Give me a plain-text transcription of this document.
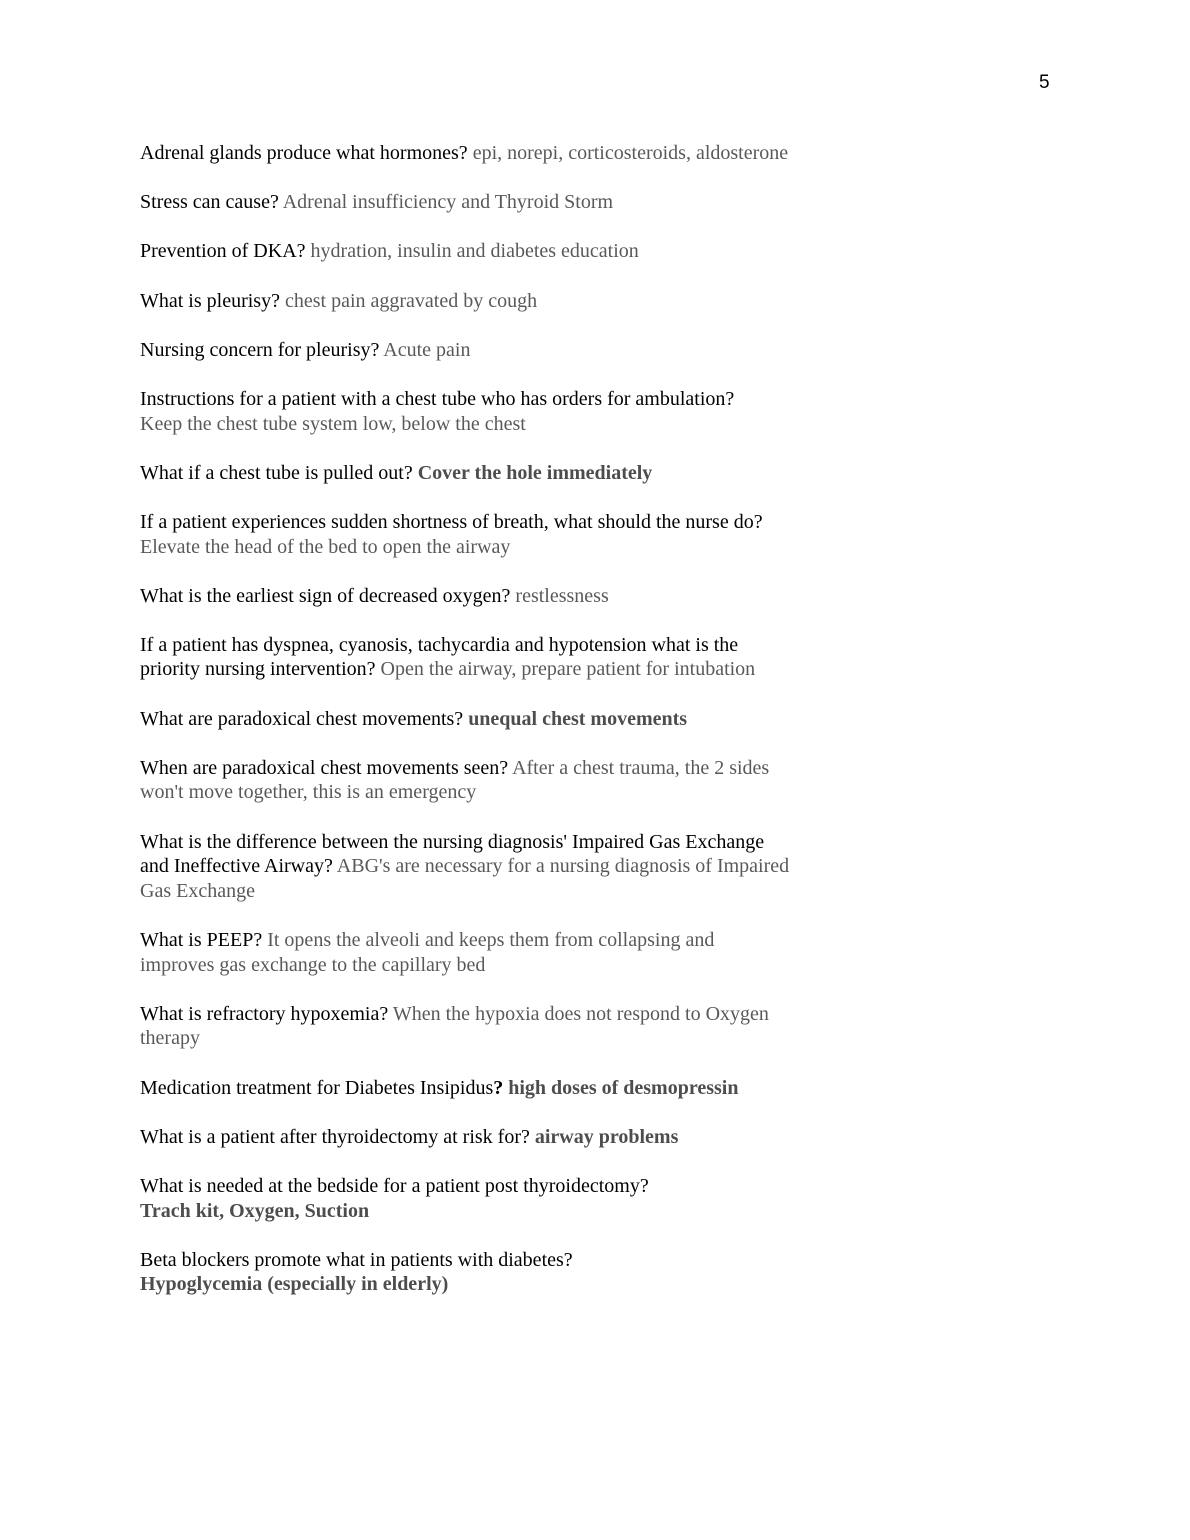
5

Adrenal glands produce what hormones? epi, norepi, corticosteroids, aldosterone

Stress can cause? Adrenal insufficiency and Thyroid Storm

Prevention of DKA? hydration, insulin and diabetes education

What is pleurisy? chest pain aggravated by cough

Nursing concern for pleurisy? Acute pain

Instructions for a patient with a chest tube who has orders for ambulation?
Keep the chest tube system low, below the chest

What if a chest tube is pulled out? Cover the hole immediately

If a patient experiences sudden shortness of breath, what should the nurse do? Elevate the head of the bed to open the airway

What is the earliest sign of decreased oxygen? restlessness

If a patient has dyspnea, cyanosis, tachycardia and hypotension what is the priority nursing intervention? Open the airway, prepare patient for intubation

What are paradoxical chest movements? unequal chest movements

When are paradoxical chest movements seen? After a chest trauma, the 2 sides won't move together, this is an emergency

What is the difference between the nursing diagnosis' Impaired Gas Exchange and Ineffective Airway? ABG's are necessary for a nursing diagnosis of Impaired Gas Exchange

What is PEEP? It opens the alveoli and keeps them from collapsing and improves gas exchange to the capillary bed

What is refractory hypoxemia? When the hypoxia does not respond to Oxygen therapy

Medication treatment for Diabetes Insipidus? high doses of desmopressin

What is a patient after thyroidectomy at risk for? airway problems

What is needed at the bedside for a patient post thyroidectomy?
Trach kit, Oxygen, Suction

Beta blockers promote what in patients with diabetes?
Hypoglycemia (especially in elderly)
